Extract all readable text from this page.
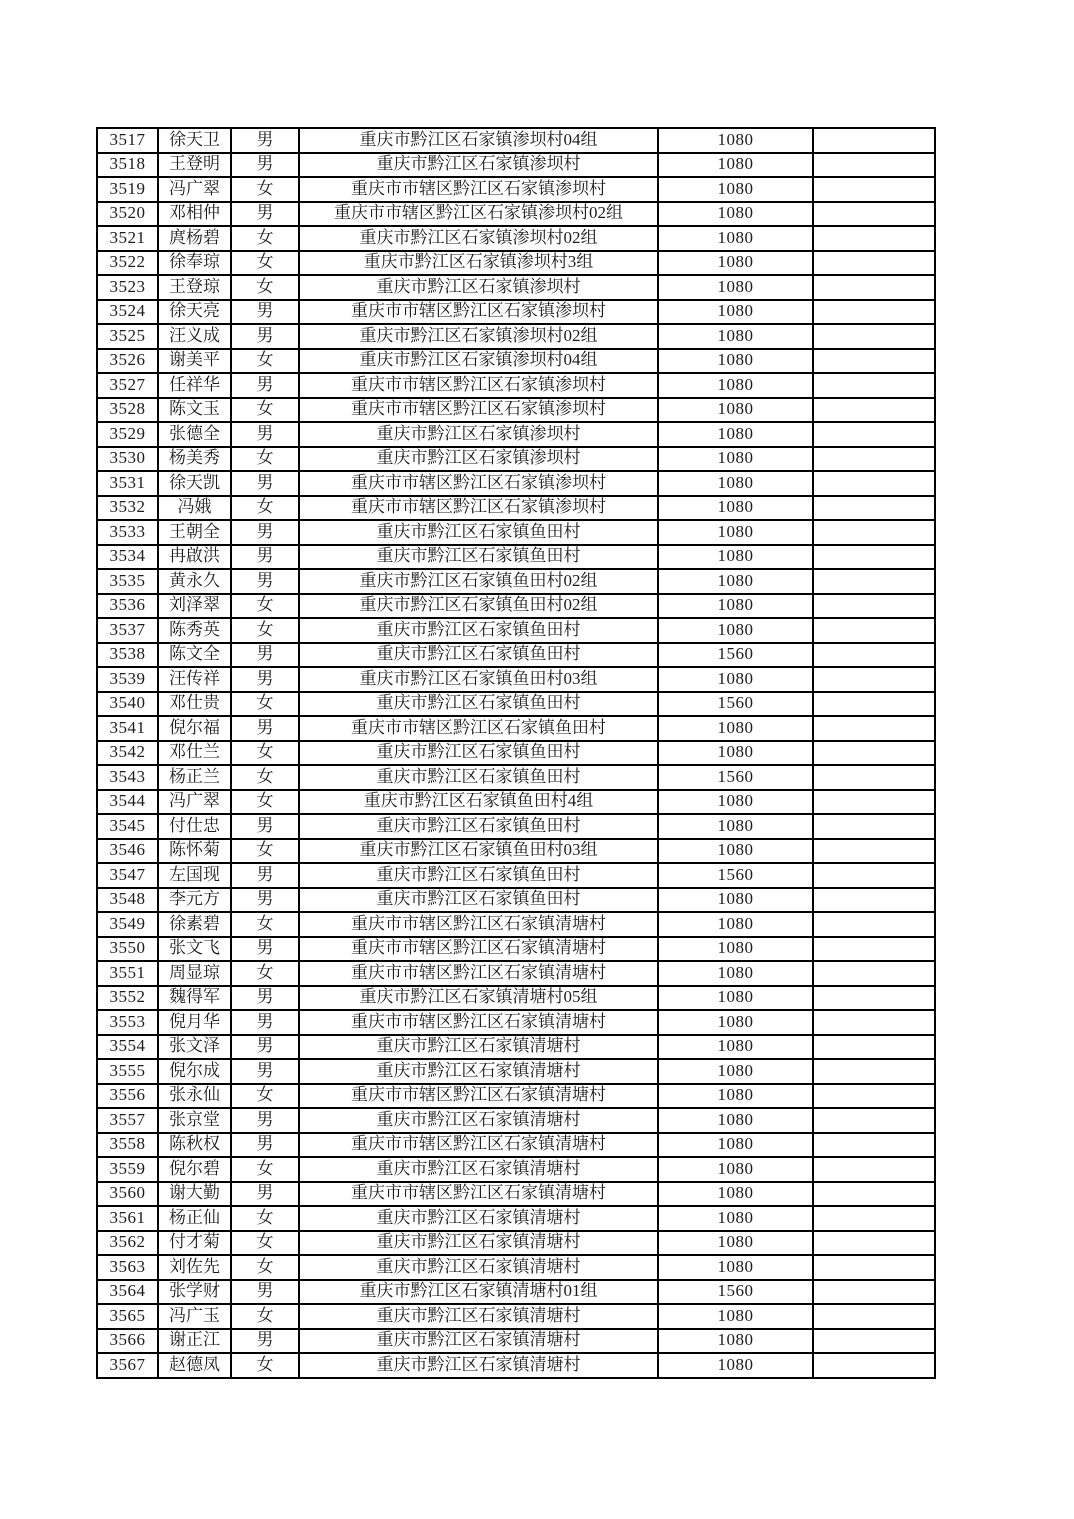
3517	徐天卫	男	重庆市黔江区石家镇渗坝村04组	1080	
3518	王登明	男	重庆市黔江区石家镇渗坝村	1080	
3519	冯广翠	女	重庆市市辖区黔江区石家镇渗坝村	1080	
3520	邓相仲	男	重庆市市辖区黔江区石家镇渗坝村02组	1080	
3521	庹杨碧	女	重庆市黔江区石家镇渗坝村02组	1080	
3522	徐奉琼	女	重庆市黔江区石家镇渗坝村3组	1080	
3523	王登琼	女	重庆市黔江区石家镇渗坝村	1080	
3524	徐天亮	男	重庆市市辖区黔江区石家镇渗坝村	1080	
3525	汪义成	男	重庆市黔江区石家镇渗坝村02组	1080	
3526	谢美平	女	重庆市黔江区石家镇渗坝村04组	1080	
3527	任祥华	男	重庆市市辖区黔江区石家镇渗坝村	1080	
3528	陈文玉	女	重庆市市辖区黔江区石家镇渗坝村	1080	
3529	张德全	男	重庆市黔江区石家镇渗坝村	1080	
3530	杨美秀	女	重庆市黔江区石家镇渗坝村	1080	
3531	徐天凯	男	重庆市市辖区黔江区石家镇渗坝村	1080	
3532	冯娥	女	重庆市市辖区黔江区石家镇渗坝村	1080	
3533	王朝全	男	重庆市黔江区石家镇鱼田村	1080	
3534	冉啟洪	男	重庆市黔江区石家镇鱼田村	1080	
3535	黄永久	男	重庆市黔江区石家镇鱼田村02组	1080	
3536	刘泽翠	女	重庆市黔江区石家镇鱼田村02组	1080	
3537	陈秀英	女	重庆市黔江区石家镇鱼田村	1080	
3538	陈文全	男	重庆市黔江区石家镇鱼田村	1560	
3539	汪传祥	男	重庆市黔江区石家镇鱼田村03组	1080	
3540	邓仕贵	女	重庆市黔江区石家镇鱼田村	1560	
3541	倪尔福	男	重庆市市辖区黔江区石家镇鱼田村	1080	
3542	邓仕兰	女	重庆市黔江区石家镇鱼田村	1080	
3543	杨正兰	女	重庆市黔江区石家镇鱼田村	1560	
3544	冯广翠	女	重庆市黔江区石家镇鱼田村4组	1080	
3545	付仕忠	男	重庆市黔江区石家镇鱼田村	1080	
3546	陈怀菊	女	重庆市黔江区石家镇鱼田村03组	1080	
3547	左国现	男	重庆市黔江区石家镇鱼田村	1560	
3548	李元方	男	重庆市黔江区石家镇鱼田村	1080	
3549	徐素碧	女	重庆市市辖区黔江区石家镇清塘村	1080	
3550	张文飞	男	重庆市市辖区黔江区石家镇清塘村	1080	
3551	周显琼	女	重庆市市辖区黔江区石家镇清塘村	1080	
3552	魏得军	男	重庆市黔江区石家镇清塘村05组	1080	
3553	倪月华	男	重庆市市辖区黔江区石家镇清塘村	1080	
3554	张文泽	男	重庆市黔江区石家镇清塘村	1080	
3555	倪尔成	男	重庆市黔江区石家镇清塘村	1080	
3556	张永仙	女	重庆市市辖区黔江区石家镇清塘村	1080	
3557	张京堂	男	重庆市黔江区石家镇清塘村	1080	
3558	陈秋权	男	重庆市市辖区黔江区石家镇清塘村	1080	
3559	倪尔碧	女	重庆市黔江区石家镇清塘村	1080	
3560	谢大勤	男	重庆市市辖区黔江区石家镇清塘村	1080	
3561	杨正仙	女	重庆市黔江区石家镇清塘村	1080	
3562	付才菊	女	重庆市黔江区石家镇清塘村	1080	
3563	刘佐先	女	重庆市黔江区石家镇清塘村	1080	
3564	张学财	男	重庆市黔江区石家镇清塘村01组	1560	
3565	冯广玉	女	重庆市黔江区石家镇清塘村	1080	
3566	谢正江	男	重庆市黔江区石家镇清塘村	1080	
3567	赵德凤	女	重庆市黔江区石家镇清塘村	1080	
